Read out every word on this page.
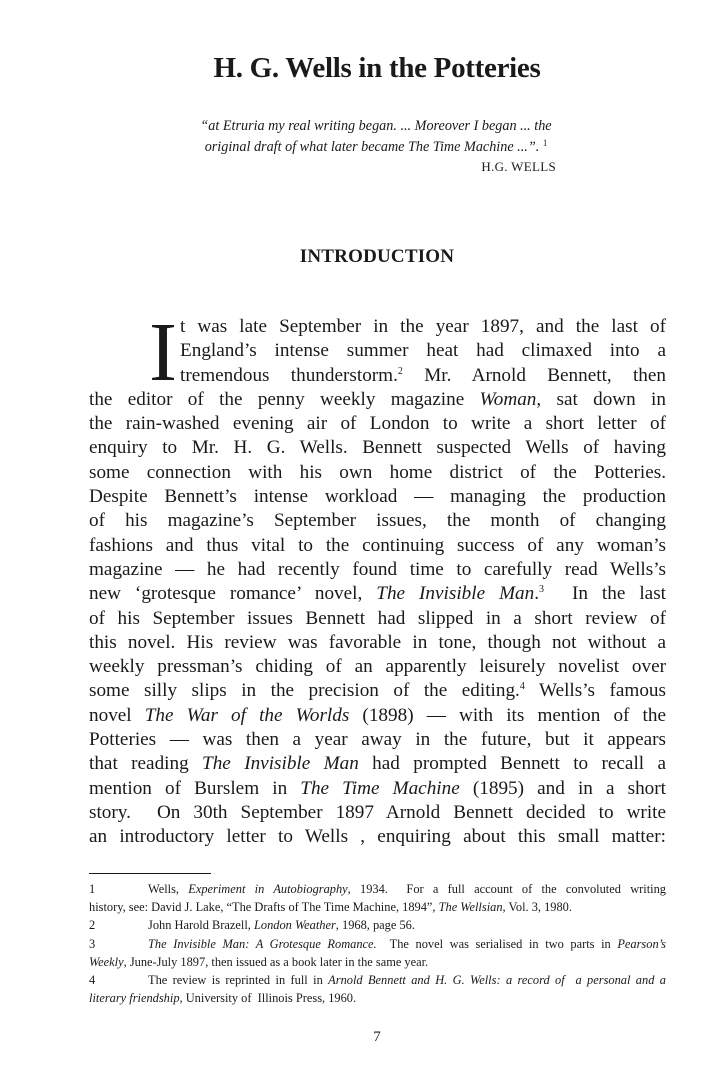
H. G. Wells in the Potteries
“at Etruria my real writing began. ... Moreover I began ... the
original draft of what later became The Time Machine ...”. $^1$
H.G. WELLS
INTRODUCTION
I t was late September in the year 1897, and the last of
England’s intense summer heat had climaxed into a
tremendous thunderstorm.$^2$ Mr. Arnold Bennett, then
the editor of the penny weekly magazine Woman, sat down in
the rain-washed evening air of London to write a short letter of
enquiry to Mr. H. G. Wells. Bennett suspected Wells of having
some connection with his own home district of the Potteries.
Despite Bennett’s intense workload — managing the production
of his magazine’s September issues, the month of changing
fashions and thus vital to the continuing success of any woman’s
magazine — he had recently found time to carefully read Wells’s
new ‘grotesque romance’ novel, The Invisible Man.$^3$  In the last
of his September issues Bennett had slipped in a short review of
this novel. His review was favorable in tone, though not without a
weekly pressman’s chiding of an apparently leisurely novelist over
some silly slips in the precision of the editing.$^4$ Wells’s famous
novel The War of the Worlds (1898) — with its mention of the
Potteries — was then a year away in the future, but it appears
that reading The Invisible Man had prompted Bennett to recall a
mention of Burslem in The Time Machine (1895) and in a short
story.  On 30th September 1897 Arnold Bennett decided to write
an introductory letter to Wells , enquiring about this small matter:
1	Wells, Experiment in Autobiography, 1934.  For a full account of the convoluted writing
history, see: David J. Lake, “The Drafts of The Time Machine, 1894”, The Wellsian, Vol. 3, 1980.
2	John Harold Brazell, London Weather, 1968, page 56.
3	The Invisible Man: A Grotesque Romance.  The novel was serialised in two parts in Pearson’s
Weekly, June-July 1897, then issued as a book later in the same year.
4	The review is reprinted in full in Arnold Bennett and H. G. Wells: a record of  a personal and a
literary friendship, University of  Illinois Press, 1960.
7
